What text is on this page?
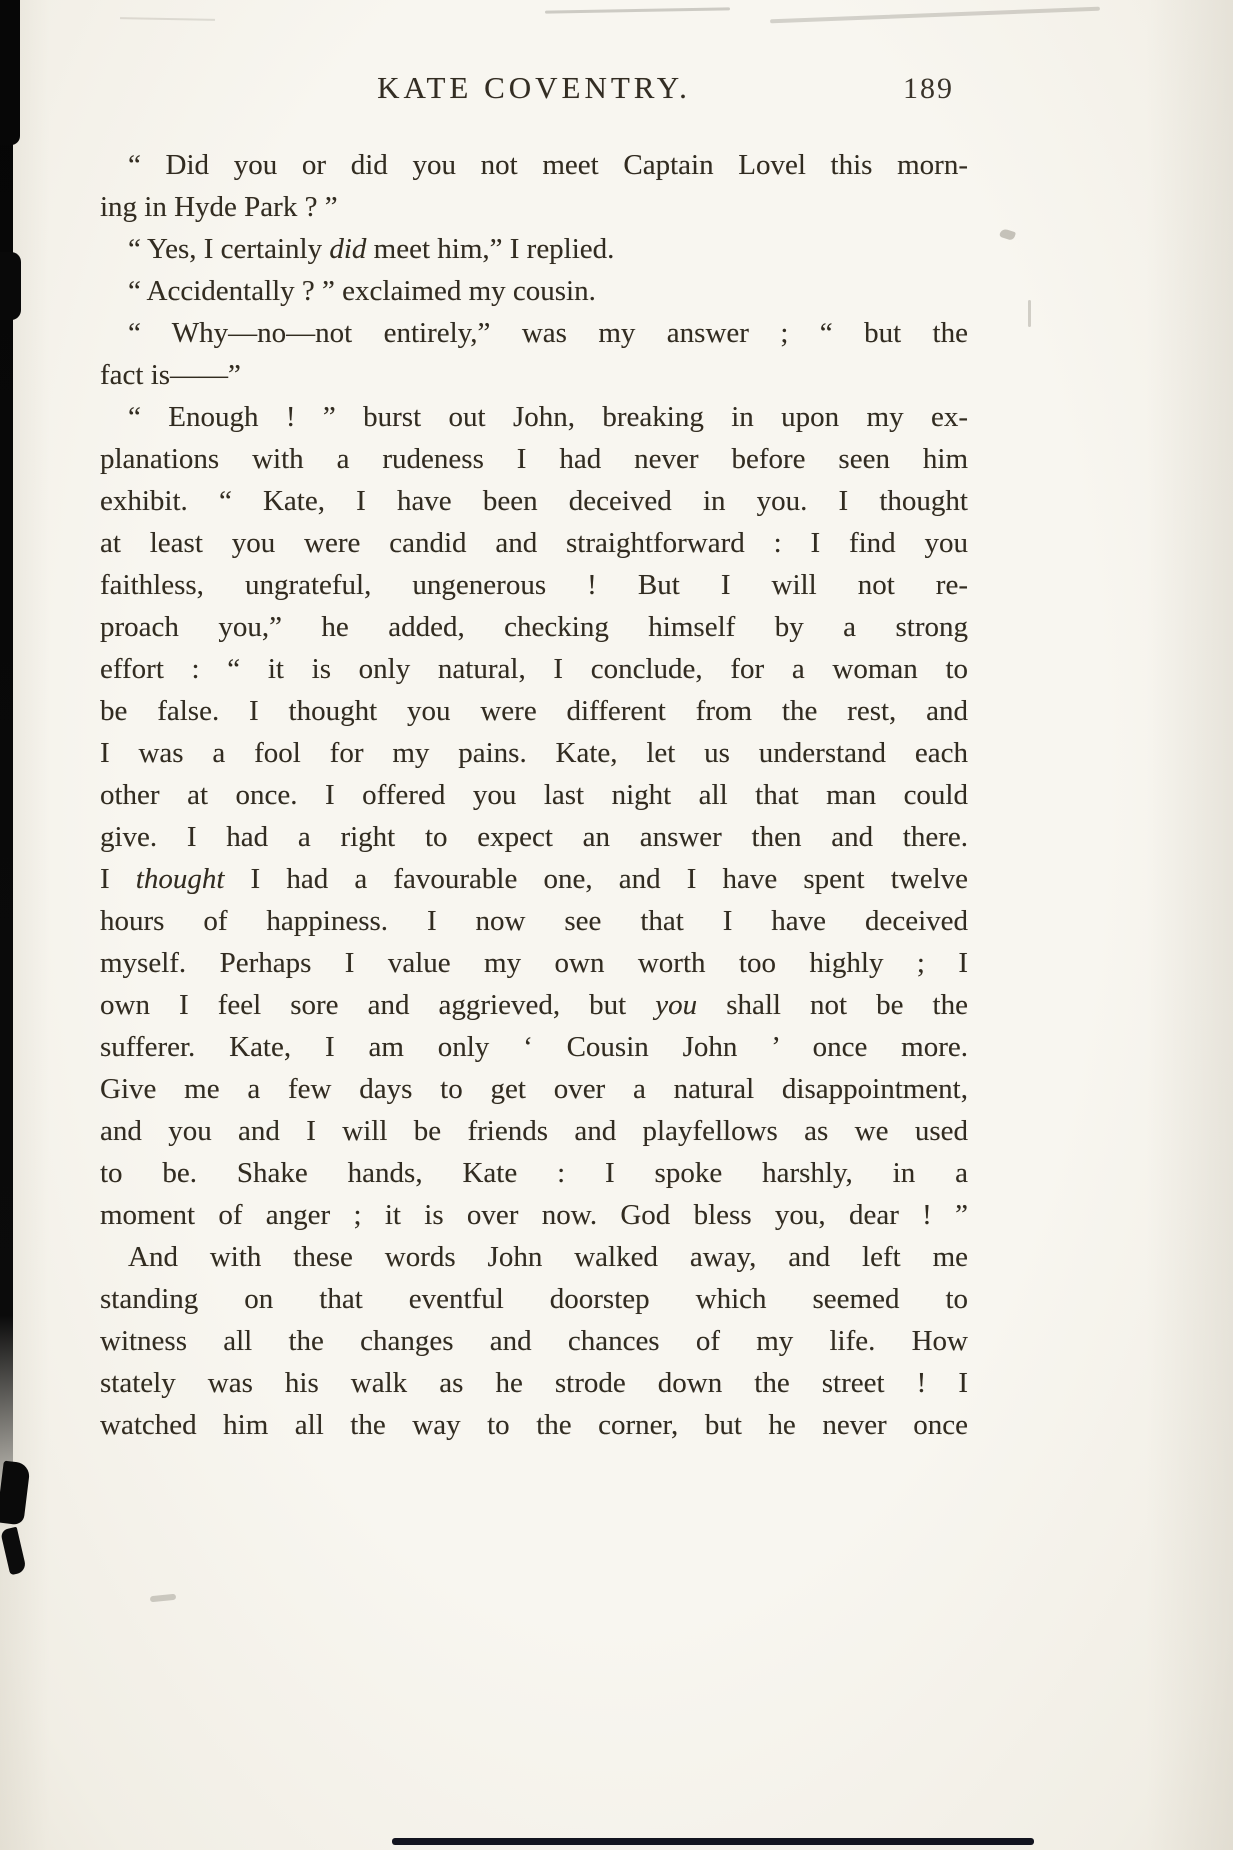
KATE COVENTRY.	189
“ Did you or did you not meet Captain Lovel this morn-
ing in Hyde Park ? ”
“ Yes, I certainly did meet him,” I replied.
“ Accidentally ? ” exclaimed my cousin.
“ Why—no—not entirely,” was my answer ; “ but the
fact is——”
“ Enough ! ” burst out John, breaking in upon my ex-
planations with a rudeness I had never before seen him
exhibit. “ Kate, I have been deceived in you. I thought
at least you were candid and straightforward : I find you
faithless, ungrateful, ungenerous ! But I will not re-
proach you,” he added, checking himself by a strong
effort : “ it is only natural, I conclude, for a woman to
be false. I thought you were different from the rest, and
I was a fool for my pains. Kate, let us understand each
other at once. I offered you last night all that man could
give. I had a right to expect an answer then and there.
I thought I had a favourable one, and I have spent twelve
hours of happiness. I now see that I have deceived
myself. Perhaps I value my own worth too highly ; I
own I feel sore and aggrieved, but you shall not be the
sufferer. Kate, I am only ‘ Cousin John ’ once more.
Give me a few days to get over a natural disappointment,
and you and I will be friends and playfellows as we used
to be. Shake hands, Kate : I spoke harshly, in a
moment of anger ; it is over now. God bless you, dear ! ”
And with these words John walked away, and left me
standing on that eventful doorstep which seemed to
witness all the changes and chances of my life. How
stately was his walk as he strode down the street ! I
watched him all the way to the corner, but he never once
